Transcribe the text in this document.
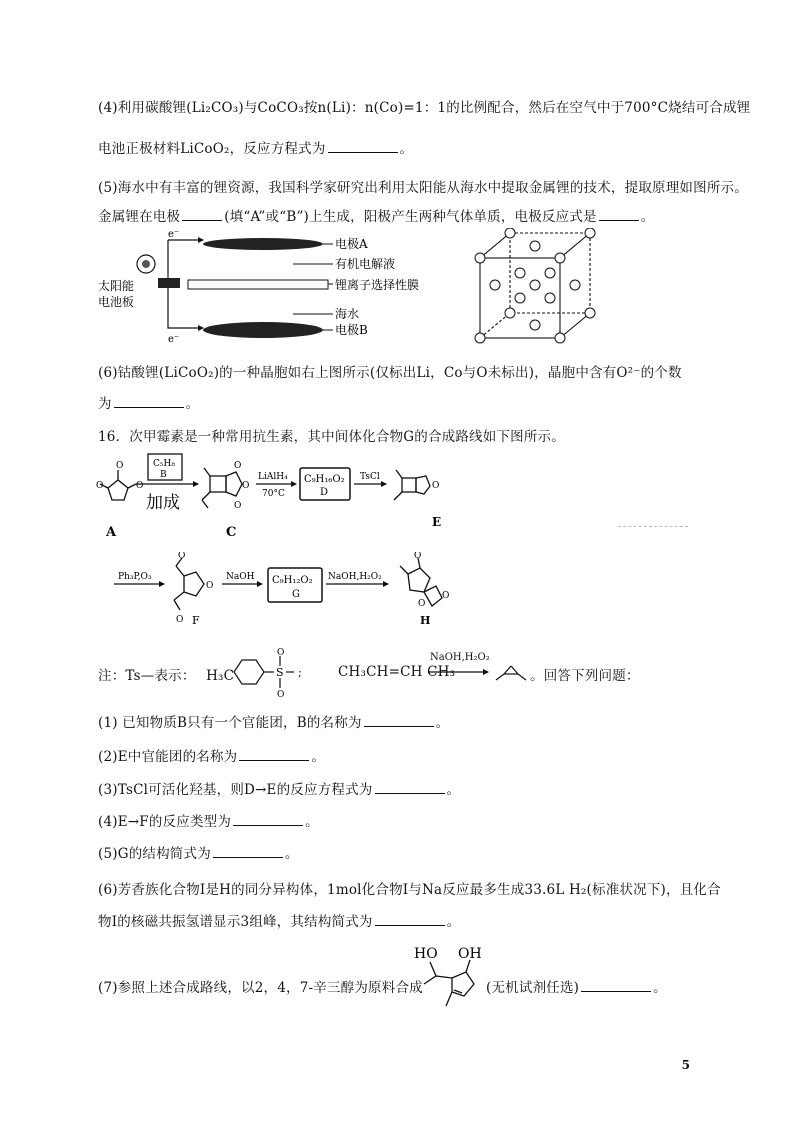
(4)利用碳酸锂(Li₂CO₃)与CoCO₃按n(Li)：n(Co)=1：1的比例配合，然后在空气中于700°C烧结可合成锂
电池正极材料LiCoO₂，反应方程式为	。
(5)海水中有丰富的锂资源，我国科学家研究出利用太阳能从海水中提取金属锂的技术，提取原理如图所示。
金属锂在电极	(填“A”或“B”)上生成，阳极产生两种气体单质，电极反应式是	。
e⁻
e⁻
电极A
有机电解液
锂离子选择性膜
海水
电极B
太阳能
电池板
(6)钴酸锂(LiCoO₂)的一种晶胞如右上图所示(仅标出Li，Co与O未标出)，晶胞中含有O²⁻的个数
为	。
16．次甲霉素是一种常用抗生素，其中间体化合物G的合成路线如下图所示。
O
O
O
A
C₅H₈
B
加成
O
O
O
C
LiAlH₄
70°C
C₉H₁₆O₂
D
TsCl
O
E
Ph₃P,O₃
O
O
O F
NaOH C₉H₁₂O₂
G
NaOH,H₂O₂
O
O
O
H
注：Ts—表示： H₃C	S
O
O
;	CH₃CH=CH CH₃
NaOH,H₂O₂
。回答下列问题：
(1) 已知物质B只有一个官能团，B的名称为	。
(2)E中官能团的名称为	。
(3)TsCl可活化羟基，则D→E的反应方程式为	。
(4)E→F的反应类型为	。
(5)G的结构简式为	。
(6)芳香族化合物I是H的同分异构体，1mol化合物I与Na反应最多生成33.6L H₂(标准状况下)，且化合
物I的核磁共振氢谱显示3组峰，其结构简式为	。
(7)参照上述合成路线，以2，4，7-辛三醇为原料合成
HO OH
(无机试剂任选)	。
5
